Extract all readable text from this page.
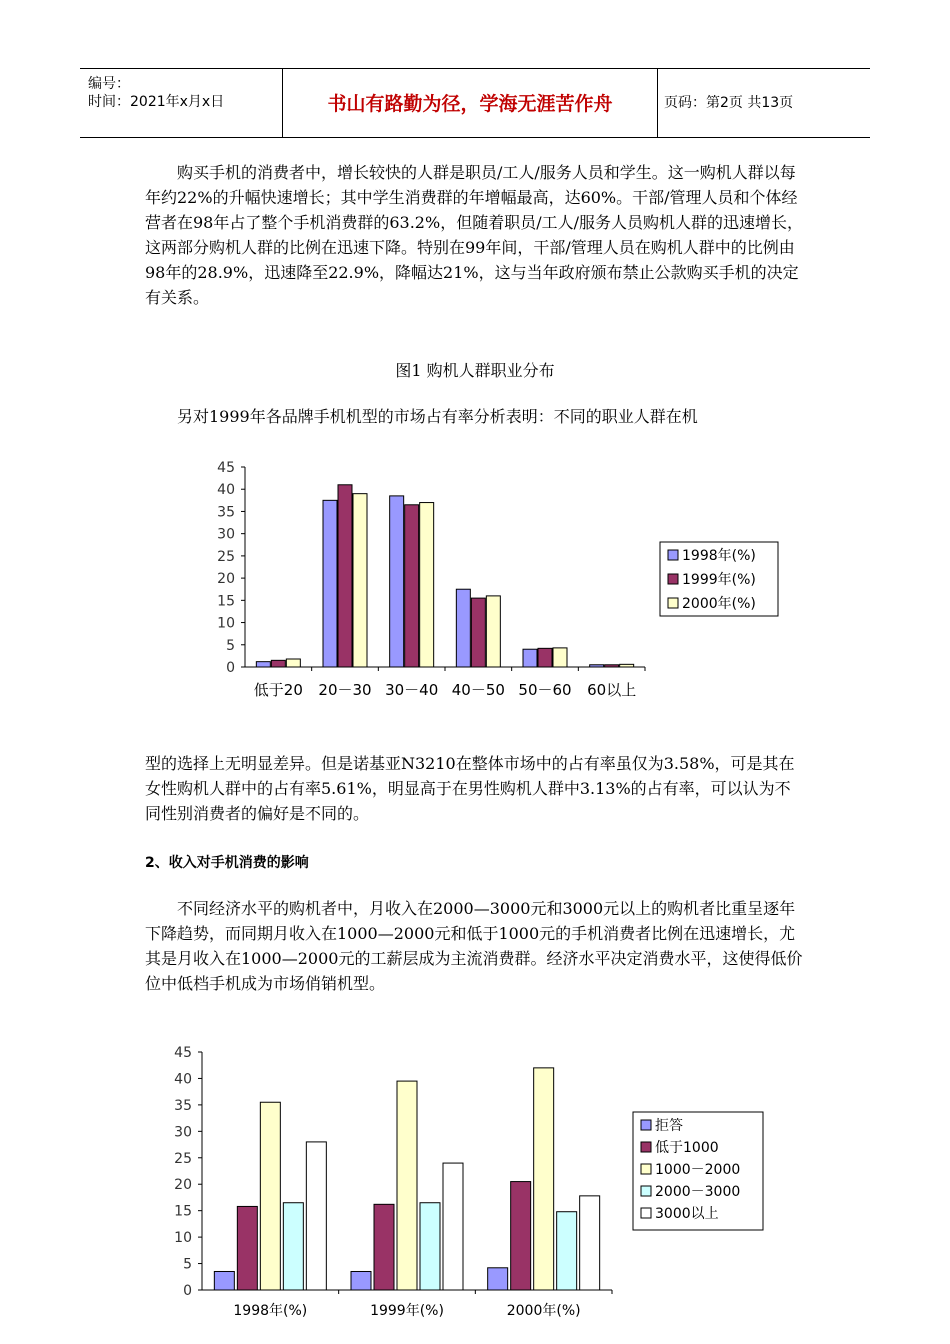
编号：
时间：2021年x月x日	书山有路勤为径，学海无涯苦作舟	页码：第2页 共13页
购买手机的消费者中，增长较快的人群是职员/工人/服务人员和学生。这一购机人群以每年约22%的升幅快速增长；其中学生消费群的年增幅最高，达60%。干部/管理人员和个体经营者在98年占了整个手机消费群的63.2%，但随着职员/工人/服务人员购机人群的迅速增长，这两部分购机人群的比例在迅速下降。特别在99年间，干部/管理人员在购机人群中的比例由98年的28.9%，迅速降至22.9%，降幅达21%，这与当年政府颁布禁止公款购买手机的决定有关系。
图1 购机人群职业分布
另对1999年各品牌手机机型的市场占有率分析表明：不同的职业人群在机
0
5
10
15
20
25
30
35
40
45
低于20 20－30 30－40 40－50 50－60 60以上
1998年(%)
1999年(%)
2000年(%)
型的选择上无明显差异。但是诺基亚N3210在整体市场中的占有率虽仅为3.58%，可是其在女性购机人群中的占有率5.61%，明显高于在男性购机人群中3.13%的占有率，可以认为不同性别消费者的偏好是不同的。
2、收入对手机消费的影响
不同经济水平的购机者中，月收入在2000—3000元和3000元以上的购机者比重呈逐年下降趋势，而同期月收入在1000—2000元和低于1000元的手机消费者比例在迅速增长，尤其是月收入在1000—2000元的工薪层成为主流消费群。经济水平决定消费水平，这使得低价位中低档手机成为市场俏销机型。
0
5
10
15
20
25
30
35
40
45
1998年(%)	1999年(%)	2000年(%)
拒答
低于1000
1000－2000
2000－3000
3000以上
